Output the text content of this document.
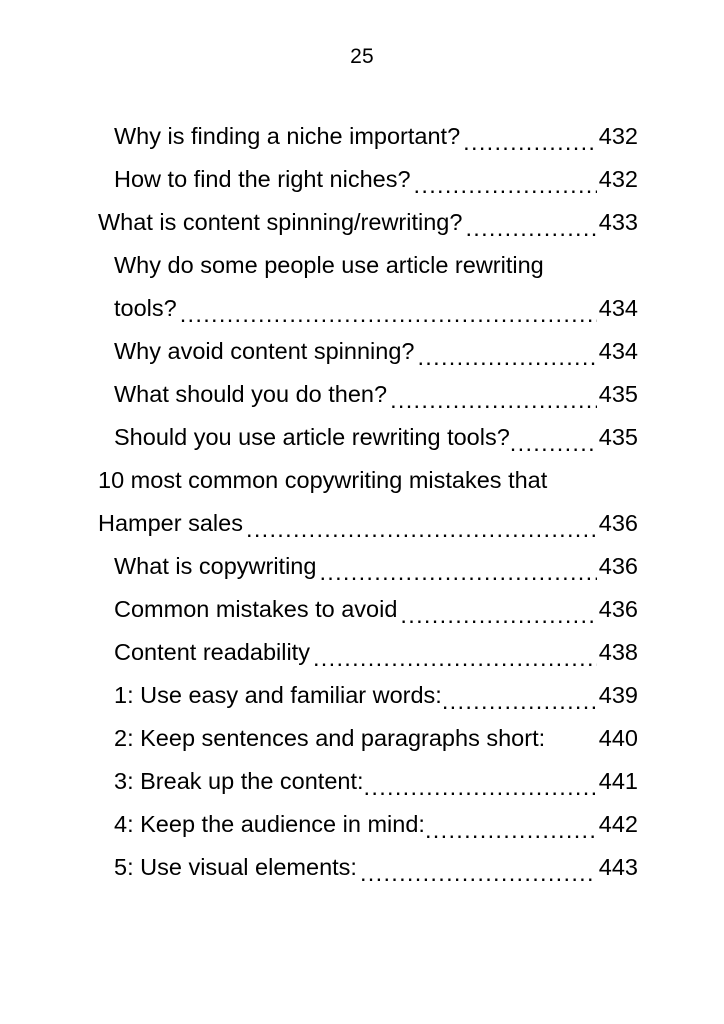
25
Why is finding a niche important? .....	432
How to find the right niches? .....	432
What is content spinning/rewriting? .....	433
Why do some people use article rewriting
tools? .....	434
Why avoid content spinning? .....	434
What should you do then? .....	435
Should you use article rewriting tools? .....	435
10 most common copywriting mistakes that
Hamper sales .....	436
What is copywriting .....	436
Common mistakes to avoid .....	436
Content readability .....	438
1: Use easy and familiar words: .....	439
2: Keep sentences and paragraphs short: 440
3: Break up the content: .....	441
4: Keep the audience in mind: .....	442
5: Use visual elements: .....	443
